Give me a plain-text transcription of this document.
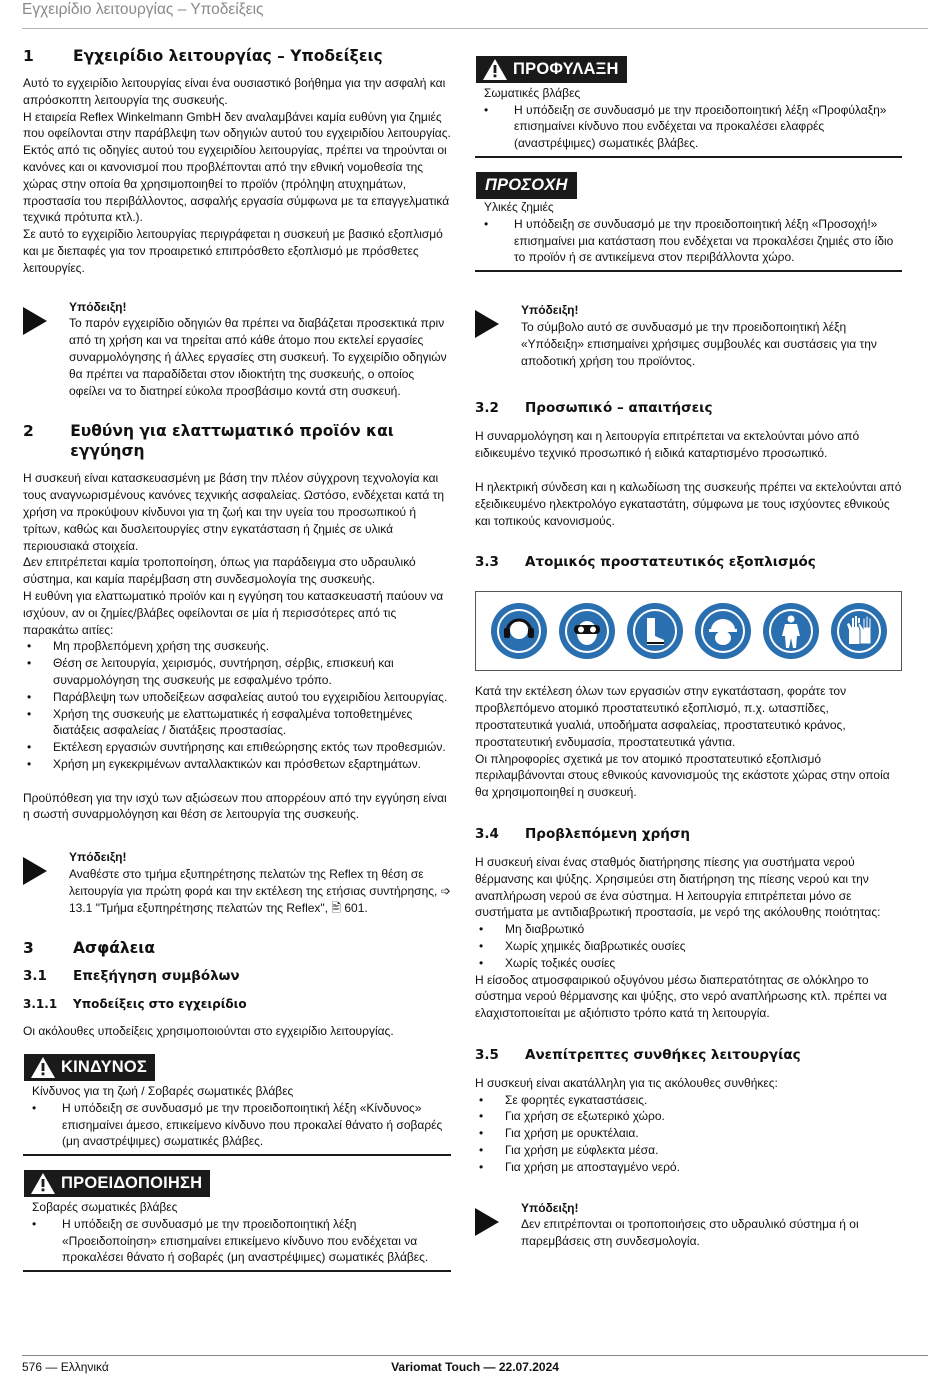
Εγχειρίδιο λειτουργίας – Υποδείξεις
1	Εγχειρίδιο λειτουργίας – Υποδείξεις

Αυτό το εγχειρίδιο λειτουργίας είναι ένα ουσιαστικό βοήθημα για την ασφαλή και απρόσκοπτη λειτουργία της συσκευής.

Η εταιρεία Reflex Winkelmann GmbH δεν αναλαμβάνει καμία ευθύνη για ζημιές που οφείλονται στην παράβλεψη των οδηγιών αυτού του εγχειριδίου λειτουργίας.

Εκτός από τις οδηγίες αυτού του εγχειριδίου λειτουργίας, πρέπει να τηρούνται οι κανόνες και οι κανονισμοί που προβλέπονται από την εθνική νομοθεσία της χώρας στην οποία θα χρησιμοποιηθεί το προϊόν (πρόληψη ατυχημάτων, προστασία του περιβάλλοντος, ασφαλής εργασία σύμφωνα με τα επαγγελματικά τεχνικά πρότυπα κτλ.).

Σε αυτό το εγχειρίδιο λειτουργίας περιγράφεται η συσκευή με βασικό εξοπλισμό και με διεπαφές για τον προαιρετικό επιπρόσθετο εξοπλισμό με πρόσθετες λειτουργίες.

Υπόδειξη!
Το παρόν εγχειρίδιο οδηγιών θα πρέπει να διαβάζεται προσεκτικά πριν από τη χρήση και να τηρείται από κάθε άτομο που εκτελεί εργασίες συναρμολόγησης ή άλλες εργασίες στη συσκευή. Το εγχειρίδιο οδηγιών θα πρέπει να παραδίδεται στον ιδιοκτήτη της συσκευής, ο οποίος οφείλει να το διατηρεί εύκολα προσβάσιμο κοντά στη συσκευή.
2	Ευθύνη για ελαττωματικό προϊόν και εγγύηση

Η συσκευή είναι κατασκευασμένη με βάση την πλέον σύγχρονη τεχνολογία και τους αναγνωρισμένους κανόνες τεχνικής ασφαλείας. Ωστόσο, ενδέχεται κατά τη χρήση να προκύψουν κίνδυνοι για τη ζωή και την υγεία του προσωπικού ή τρίτων, καθώς και δυσλειτουργίες στην εγκατάσταση ή ζημιές σε υλικά περιουσιακά στοιχεία.

Δεν επιτρέπεται καμία τροποποίηση, όπως για παράδειγμα στο υδραυλικό σύστημα, και καμία παρέμβαση στη συνδεσμολογία της συσκευής.

Η ευθύνη για ελαττωματικό προϊόν και η εγγύηση του κατασκευαστή παύουν να ισχύουν, αν οι ζημίες/βλάβες οφείλονται σε μία ή περισσότερες από τις παρακάτω αιτίες:

• Μη προβλεπόμενη χρήση της συσκευής.
• Θέση σε λειτουργία, χειρισμός, συντήρηση, σέρβις, επισκευή και συναρμολόγηση της συσκευής με εσφαλμένο τρόπο.
• Παράβλεψη των υποδείξεων ασφαλείας αυτού του εγχειριδίου λειτουργίας.
• Χρήση της συσκευής με ελαττωματικές ή εσφαλμένα τοποθετημένες διατάξεις ασφαλείας / διατάξεις προστασίας.
• Εκτέλεση εργασιών συντήρησης και επιθεώρησης εκτός των προθεσμιών.
• Χρήση μη εγκεκριμένων ανταλλακτικών και πρόσθετων εξαρτημάτων.

Προϋπόθεση για την ισχύ των αξιώσεων που απορρέουν από την εγγύηση είναι η σωστή συναρμολόγηση και θέση σε λειτουργία της συσκευής.

Υπόδειξη!
Αναθέστε στο τμήμα εξυπηρέτησης πελατών της Reflex τη θέση σε λειτουργία για πρώτη φορά και την εκτέλεση της ετήσιας συντήρησης, ➩ 13.1 "Τμήμα εξυπηρέτησης πελατών της Reflex", 🖹 601.
3	Ασφάλεια
3.1	Επεξήγηση συμβόλων
3.1.1	Υποδείξεις στο εγχειρίδιο

Οι ακόλουθες υποδείξεις χρησιμοποιούνται στο εγχειρίδιο λειτουργίας.

ΚΙΝΔΥΝΟΣ
Κίνδυνος για τη ζωή / Σοβαρές σωματικές βλάβες
• Η υπόδειξη σε συνδυασμό με την προειδοποιητική λέξη «Κίνδυνος» επισημαίνει άμεσο, επικείμενο κίνδυνο που προκαλεί θάνατο ή σοβαρές (μη αναστρέψιμες) σωματικές βλάβες.
ΠΡΟΕΙΔΟΠΟΙΗΣΗ
Σοβαρές σωματικές βλάβες
• Η υπόδειξη σε συνδυασμό με την προειδοποιητική λέξη «Προειδοποίηση» επισημαίνει επικείμενο κίνδυνο που ενδέχεται να προκαλέσει θάνατο ή σοβαρές (μη αναστρέψιμες) σωματικές βλάβες.
ΠΡΟΦΥΛΑΞΗ
Σωματικές βλάβες
• Η υπόδειξη σε συνδυασμό με την προειδοποιητική λέξη «Προφύλαξη» επισημαίνει κίνδυνο που ενδέχεται να προκαλέσει ελαφρές (αναστρέψιμες) σωματικές βλάβες.
ΠΡΟΣΟΧΗ
Υλικές ζημιές
• Η υπόδειξη σε συνδυασμό με την προειδοποιητική λέξη «Προσοχή!» επισημαίνει μια κατάσταση που ενδέχεται να προκαλέσει ζημιές στο ίδιο το προϊόν ή σε αντικείμενα στον περιβάλλοντα χώρο.
Υπόδειξη!
Το σύμβολο αυτό σε συνδυασμό με την προειδοποιητική λέξη «Υπόδειξη» επισημαίνει χρήσιμες συμβουλές και συστάσεις για την αποδοτική χρήση του προϊόντος.
3.2	Προσωπικό – απαιτήσεις

Η συναρμολόγηση και η λειτουργία επιτρέπεται να εκτελούνται μόνο από ειδικευμένο τεχνικό προσωπικό ή ειδικά καταρτισμένο προσωπικό.

Η ηλεκτρική σύνδεση και η καλωδίωση της συσκευής πρέπει να εκτελούνται από εξειδικευμένο ηλεκτρολόγο εγκαταστάτη, σύμφωνα με τους ισχύοντες εθνικούς και τοπικούς κανονισμούς.

3.3	Ατομικός προστατευτικός εξοπλισμός

Κατά την εκτέλεση όλων των εργασιών στην εγκατάσταση, φοράτε τον προβλεπόμενο ατομικό προστατευτικό εξοπλισμό, π.χ. ωτασπίδες, προστατευτικά γυαλιά, υποδήματα ασφαλείας, προστατευτικό κράνος, προστατευτική ενδυμασία, προστατευτικά γάντια.

Οι πληροφορίες σχετικά με τον ατομικό προστατευτικό εξοπλισμό περιλαμβάνονται στους εθνικούς κανονισμούς της εκάστοτε χώρας στην οποία θα χρησιμοποιηθεί η συσκευή.

3.4	Προβλεπόμενη χρήση

Η συσκευή είναι ένας σταθμός διατήρησης πίεσης για συστήματα νερού θέρμανσης και ψύξης. Χρησιμεύει στη διατήρηση της πίεσης νερού και την αναπλήρωση νερού σε ένα σύστημα. Η λειτουργία επιτρέπεται μόνο σε συστήματα με αντιδιαβρωτική προστασία, με νερό της ακόλουθης ποιότητας:

• Μη διαβρωτικό
• Χωρίς χημικές διαβρωτικές ουσίες
• Χωρίς τοξικές ουσίες

Η είσοδος ατμοσφαιρικού οξυγόνου μέσω διαπερατότητας σε ολόκληρο το σύστημα νερού θέρμανσης και ψύξης, στο νερό αναπλήρωσης κτλ. πρέπει να ελαχιστοποιείται με αξιόπιστο τρόπο κατά τη λειτουργία.

3.5	Ανεπίτρεπτες συνθήκες λειτουργίας

Η συσκευή είναι ακατάλληλη για τις ακόλουθες συνθήκες:

• Σε φορητές εγκαταστάσεις.
• Για χρήση σε εξωτερικό χώρο.
• Για χρήση με ορυκτέλαια.
• Για χρήση με εύφλεκτα μέσα.
• Για χρήση με αποσταγμένο νερό.
Υπόδειξη!
Δεν επιτρέπονται οι τροποποιήσεις στο υδραυλικό σύστημα ή οι παρεμβάσεις στη συνδεσμολογία.
576 — Ελληνικά	Variomat Touch — 22.07.2024
